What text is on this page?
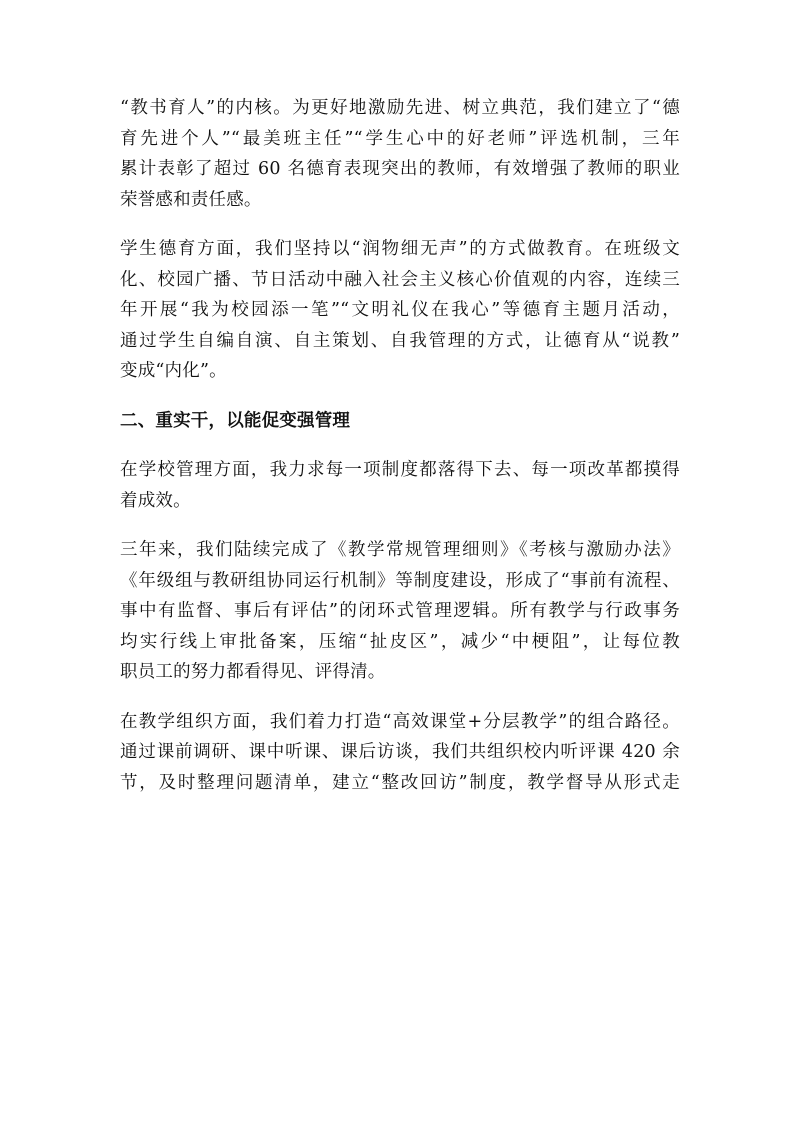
“教书育人”的内核。为更好地激励先进、树立典范，我们建立了“德
育先进个人”“最美班主任”“学生心中的好老师”评选机制，三年
累计表彰了超过 60 名德育表现突出的教师，有效增强了教师的职业
荣誉感和责任感。

学生德育方面，我们坚持以“润物细无声”的方式做教育。在班级文
化、校园广播、节日活动中融入社会主义核心价值观的内容，连续三
年开展“我为校园添一笔”“文明礼仪在我心”等德育主题月活动，
通过学生自编自演、自主策划、自我管理的方式，让德育从“说教”
变成“内化”。

二、重实干，以能促变强管理

在学校管理方面，我力求每一项制度都落得下去、每一项改革都摸得
着成效。

三年来，我们陆续完成了《教学常规管理细则》《考核与激励办法》
《年级组与教研组协同运行机制》等制度建设，形成了“事前有流程、
事中有监督、事后有评估”的闭环式管理逻辑。所有教学与行政事务
均实行线上审批备案，压缩“扯皮区”，减少“中梗阻”，让每位教
职员工的努力都看得见、评得清。

在教学组织方面，我们着力打造“高效课堂+分层教学”的组合路径。
通过课前调研、课中听课、课后访谈，我们共组织校内听评课 420 余
节，及时整理问题清单，建立“整改回访”制度，教学督导从形式走
